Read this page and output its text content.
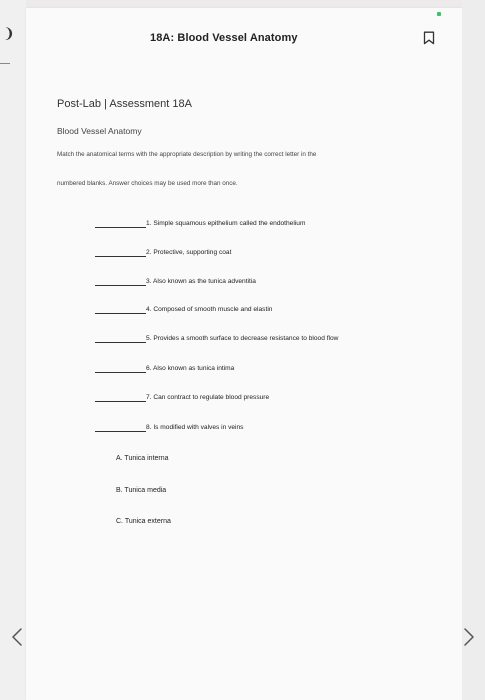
❩	18A: Blood Vessel Anatomy
Post-Lab | Assessment 18A
Blood Vessel Anatomy
Match the anatomical terms with the appropriate description by writing the correct letter in the
numbered blanks. Answer choices may be used more than once.
1. Simple squamous epithelium called the endothelium
2. Protective, supporting coat
3. Also known as the tunica adventitia
4. Composed of smooth muscle and elastin
5. Provides a smooth surface to decrease resistance to blood flow
6. Also known as tunica intima
7. Can contract to regulate blood pressure
8. Is modified with valves in veins
A. Tunica interna
B. Tunica media
C. Tunica externa
